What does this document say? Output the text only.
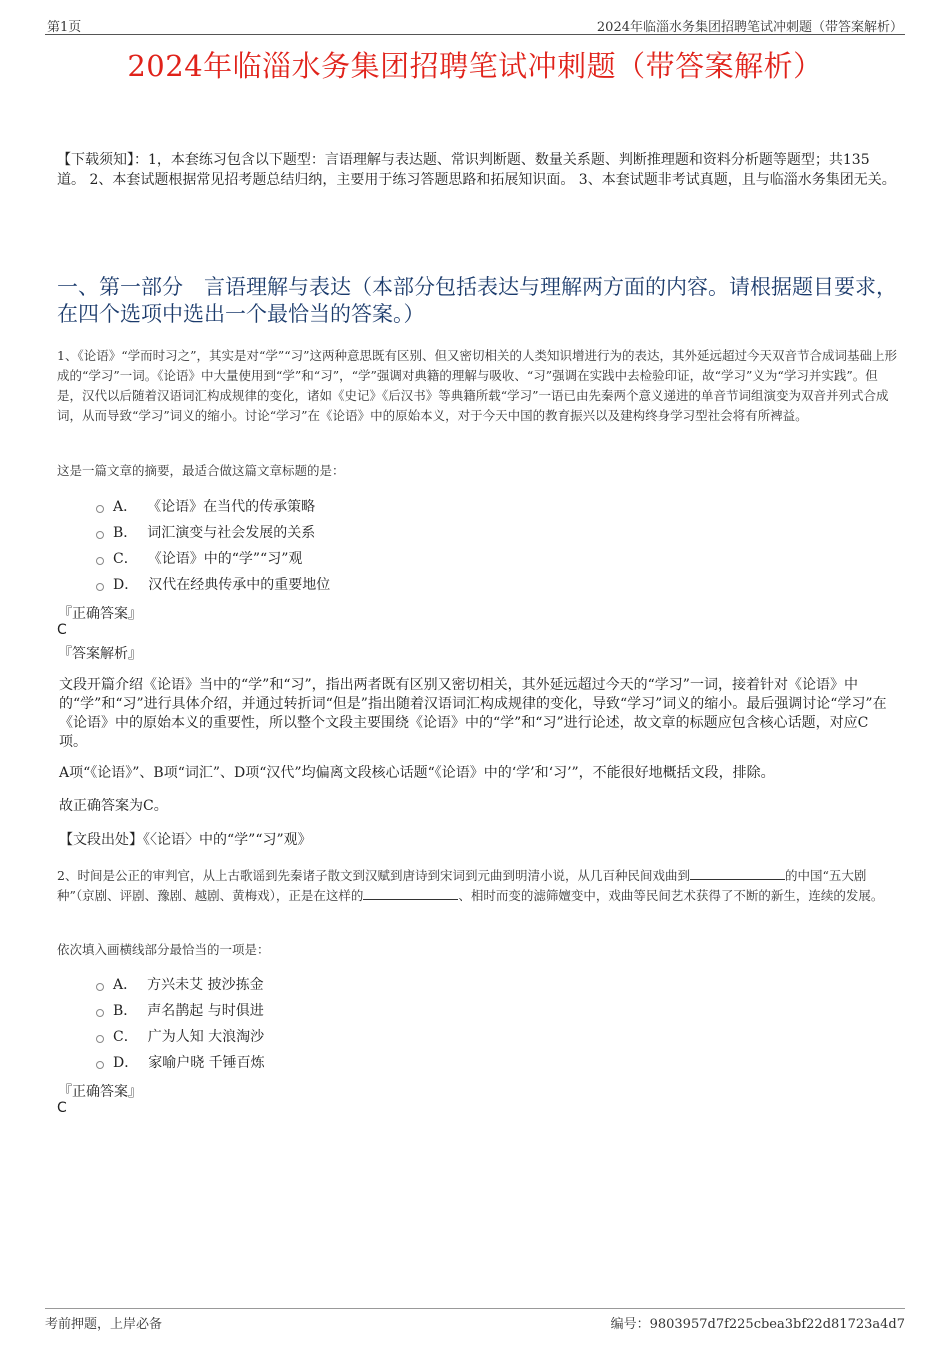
第1页	2024年临淄水务集团招聘笔试冲刺题（带答案解析）
2024年临淄水务集团招聘笔试冲刺题（带答案解析）
【下载须知】：1，本套练习包含以下题型：言语理解与表达题、常识判断题、数量关系题、判断推理题和资料分析题等题型；共135道。 2、本套试题根据常见招考题总结归纳，主要用于练习答题思路和拓展知识面。 3、本套试题非考试真题，且与临淄水务集团无关。
一、第一部分　言语理解与表达（本部分包括表达与理解两方面的内容。请根据题目要求，在四个选项中选出一个最恰当的答案。）
1、《论语》“学而时习之”，其实是对“学”“习”这两种意思既有区别、但又密切相关的人类知识增进行为的表达，其外延远超过今天双音节合成词基础上形成的“学习”一词。《论语》中大量使用到“学”和“习”，“学”强调对典籍的理解与吸收、“习”强调在实践中去检验印证，故“学习”义为“学习并实践”。但是，汉代以后随着汉语词汇构成规律的变化，诸如《史记》《后汉书》等典籍所载“学习”一语已由先秦两个意义递进的单音节词组演变为双音并列式合成词，从而导致“学习”词义的缩小。讨论“学习”在《论语》中的原始本义，对于今天中国的教育振兴以及建构终身学习型社会将有所裨益。
这是一篇文章的摘要，最适合做这篇文章标题的是：
A． 《论语》在当代的传承策略
B． 词汇演变与社会发展的关系
C． 《论语》中的“学”“习”观
D． 汉代在经典传承中的重要地位
『正确答案』
C
『答案解析』
文段开篇介绍《论语》当中的“学”和“习”，指出两者既有区别又密切相关，其外延远超过今天的“学习”一词，接着针对《论语》中的“学”和“习”进行具体介绍，并通过转折词“但是”指出随着汉语词汇构成规律的变化，导致“学习”词义的缩小。最后强调讨论“学习”在《论语》中的原始本义的重要性，所以整个文段主要围绕《论语》中的“学”和“习”进行论述，故文章的标题应包含核心话题，对应C项。
A项“《论语》”、B项“词汇”、D项“汉代”均偏离文段核心话题“《论语》中的‘学’和‘习’”，不能很好地概括文段，排除。
故正确答案为C。
【文段出处】《〈论语〉中的“学”“习”观》
2、时间是公正的审判官，从上古歌谣到先秦诸子散文到汉赋到唐诗到宋词到元曲到明清小说，从几百种民间戏曲到	的中国“五大剧种”（京剧、评剧、豫剧、越剧、黄梅戏），正是在这样的	、相时而变的滤筛嬗变中，戏曲等民间艺术获得了不断的新生，连续的发展。
依次填入画横线部分最恰当的一项是：
A． 方兴未艾 披沙拣金
B． 声名鹊起 与时俱进
C． 广为人知 大浪淘沙
D． 家喻户晓 千锤百炼
『正确答案』
C
考前押题，上岸必备	编号：9803957d7f225cbea3bf22d81723a4d7
